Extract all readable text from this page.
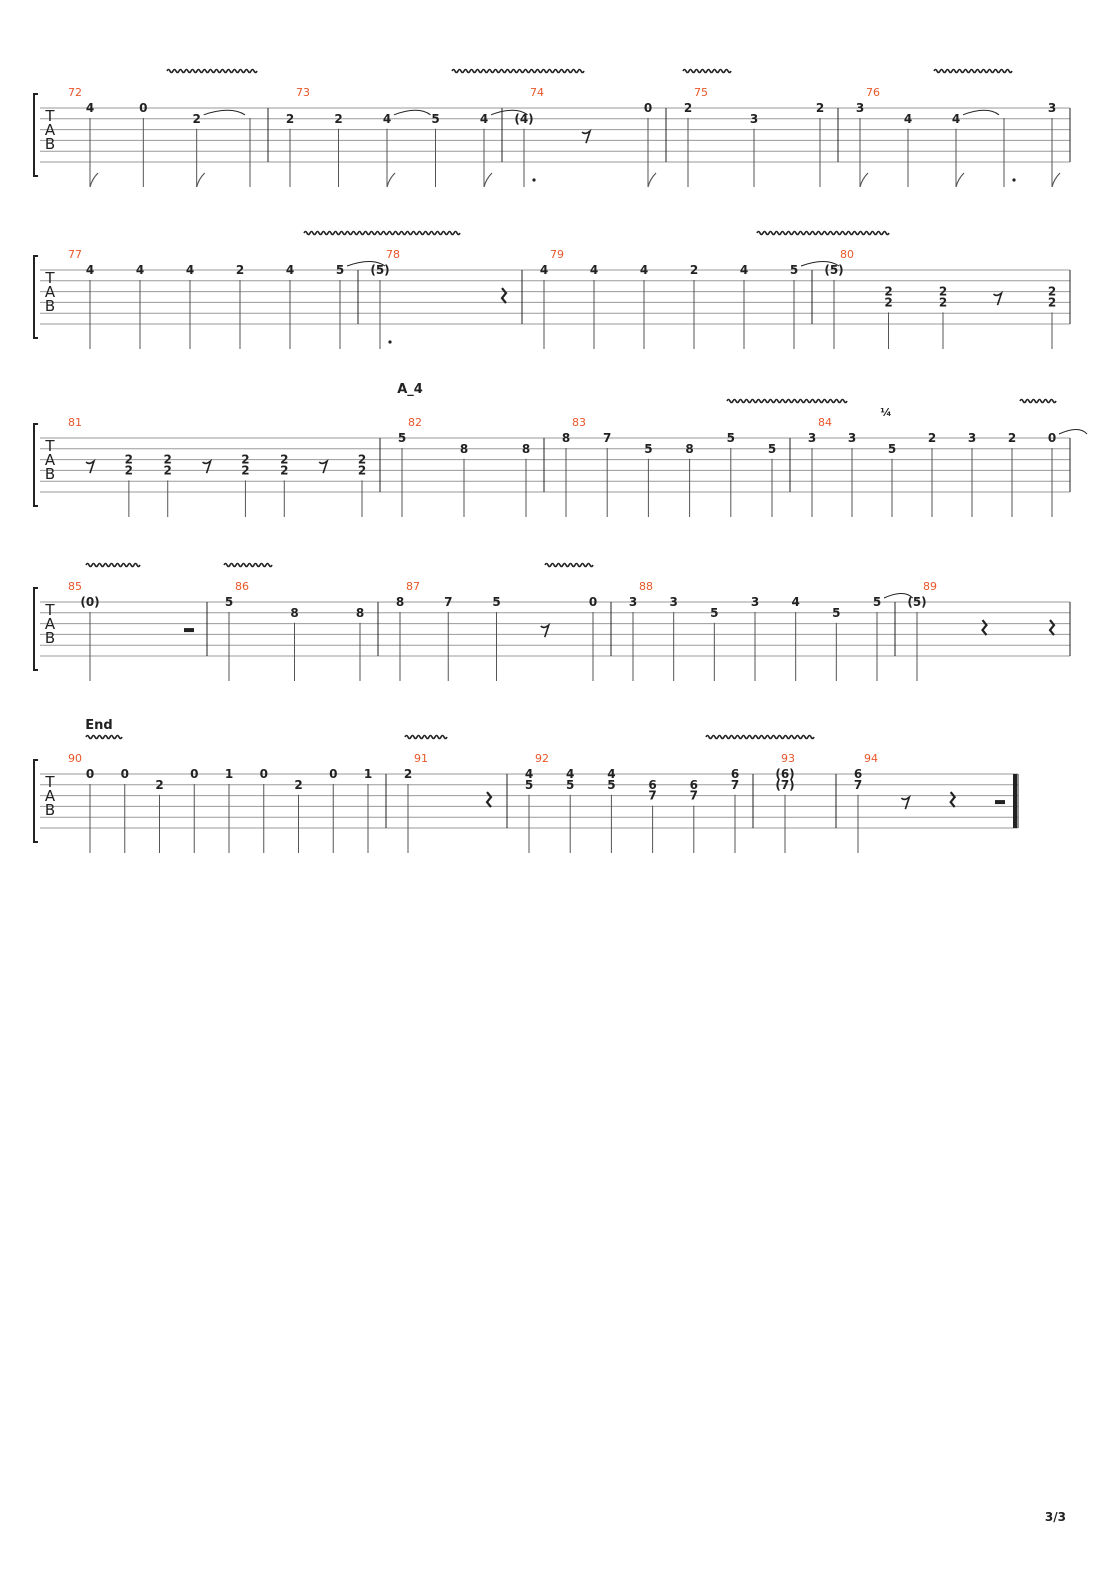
T
A
B
72
4	0
2
73
2	2	4	5	4
74
(4)
0
75
2
3
2
76
3
4	4
3
T
A
B
77
4	4	4	2	4	5
78
(5)
79
4	4	4	2	4	5
80
(5)
2
2
2
2
2
2
T
A
B
A_4
81
2
2
2
2
2
2
2
2
2
2
82
5
8	8
83
8	7
5	8
5
5
84
¼
3	3
5
2	3	2	0
T
A
B
85
(0)
86
5
8	8
87
8	7	5	0
88
3	3
5
3	4
5
5
89
(5)
T
A
B
End
90
0 0
2
0 1 0
2
0 1
91
2
92
4
5
4
5
4
5	6
7
6
7
6
7
93
(6)
(7)
94
6
7
3/3
